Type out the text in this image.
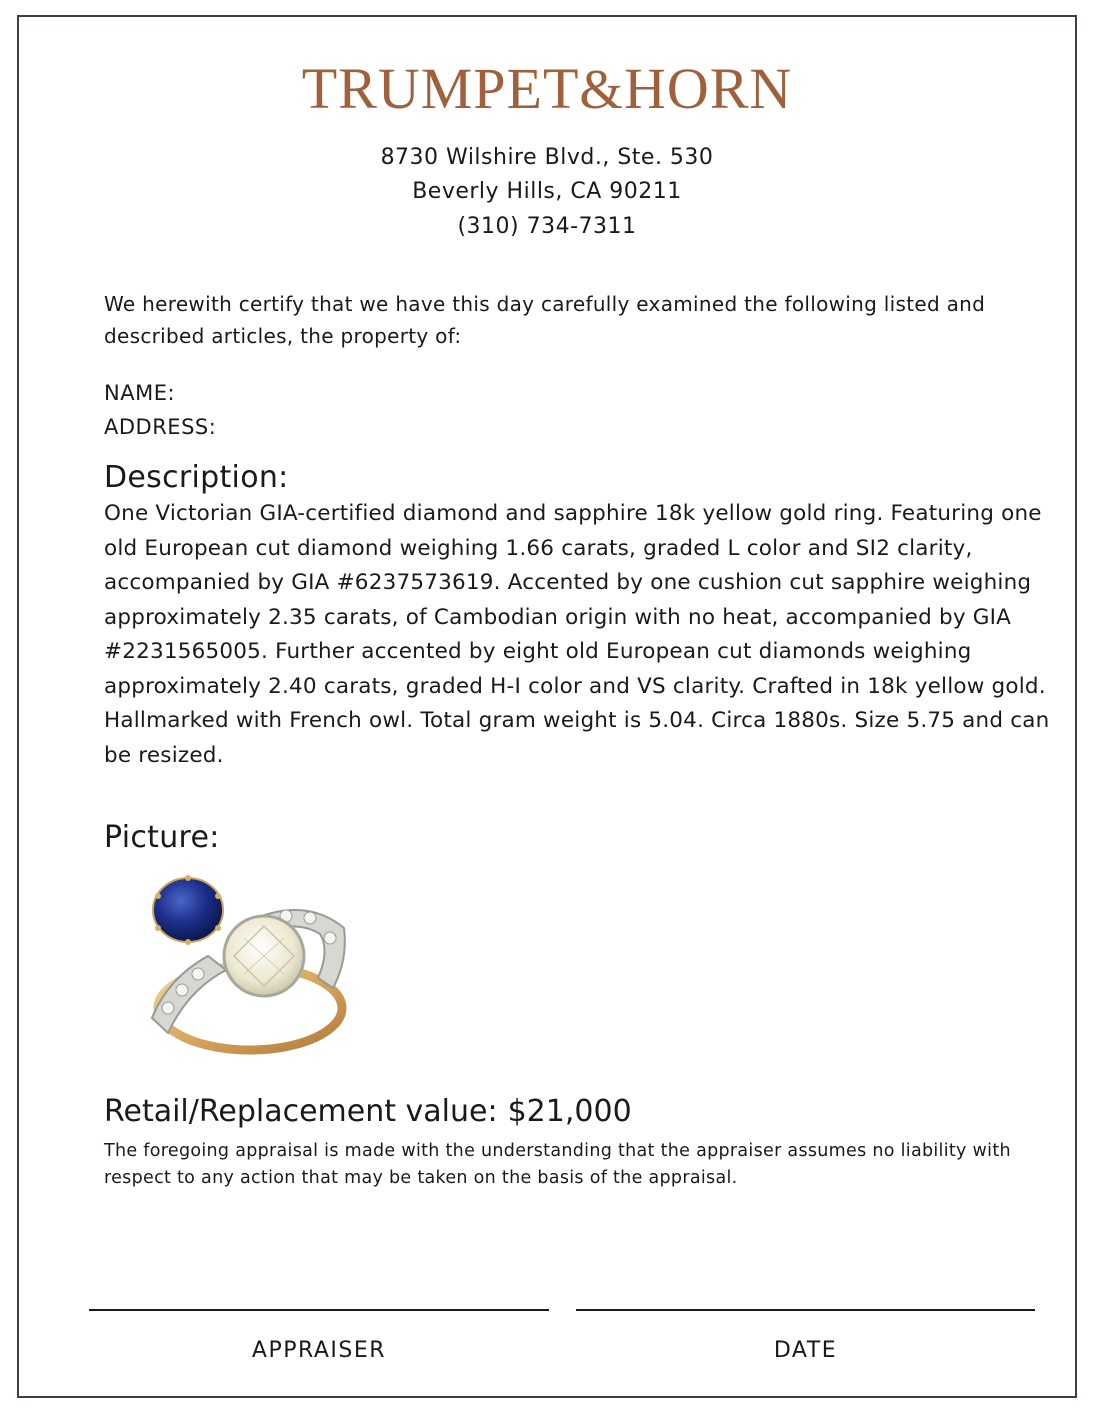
TRUMPET&HORN
8730 Wilshire Blvd., Ste. 530
Beverly Hills, CA 90211
(310) 734-7311
We herewith certify that we have this day carefully examined the following listed and described articles, the property of:
NAME:
ADDRESS:
Description:
One Victorian GIA-certified diamond and sapphire 18k yellow gold ring. Featuring one old European cut diamond weighing 1.66 carats, graded L color and SI2 clarity, accompanied by GIA #6237573619. Accented by one cushion cut sapphire weighing approximately 2.35 carats, of Cambodian origin with no heat, accompanied by GIA #2231565005. Further accented by eight old European cut diamonds weighing approximately 2.40 carats, graded H-I color and VS clarity. Crafted in 18k yellow gold. Hallmarked with French owl. Total gram weight is 5.04. Circa 1880s. Size 5.75 and can be resized.
Picture:
Retail/Replacement value: $21,000
The foregoing appraisal is made with the understanding that the appraiser assumes no liability with respect to any action that may be taken on the basis of the appraisal.
APPRAISER	DATE
